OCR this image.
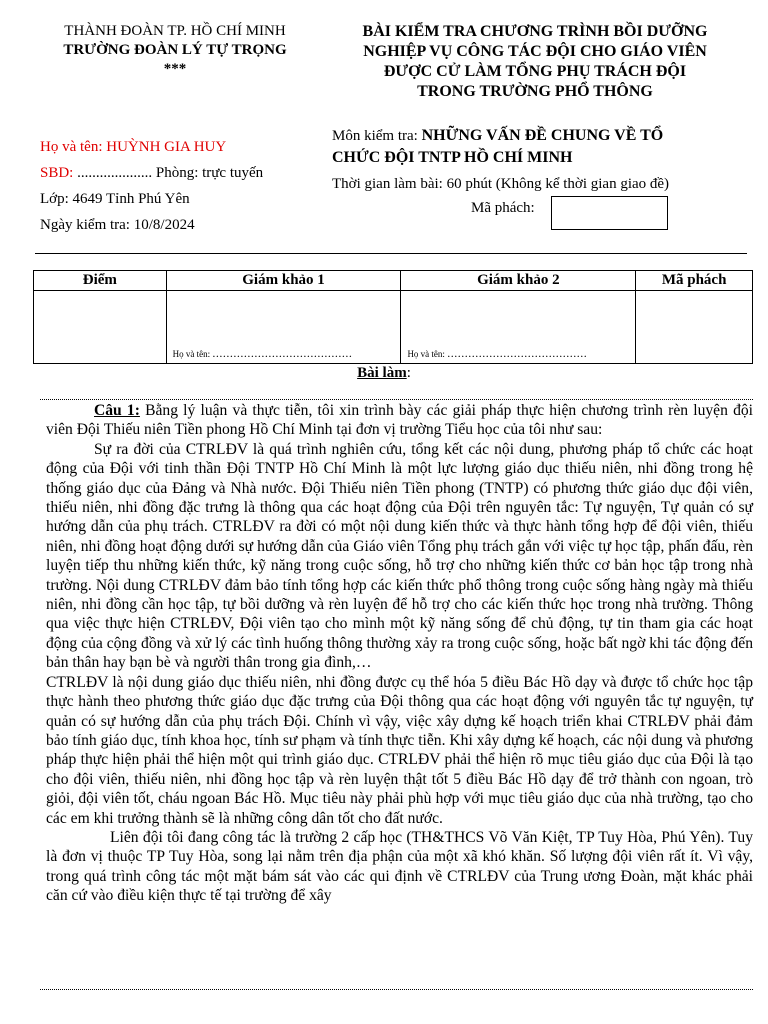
THÀNH ĐOÀN TP. HỒ CHÍ MINH
TRƯỜNG ĐOÀN LÝ TỰ TRỌNG
***
BÀI KIỂM TRA CHƯƠNG TRÌNH BỒI DƯỠNG
NGHIỆP VỤ CÔNG TÁC ĐỘI CHO GIÁO VIÊN
ĐƯỢC CỬ LÀM TỔNG PHỤ TRÁCH ĐỘI
TRONG TRƯỜNG PHỔ THÔNG
Họ và tên: HUỲNH GIA HUY
SBD: .................... Phòng: trực tuyến
Lớp: 4649 Tỉnh Phú Yên
Ngày kiểm tra: 10/8/2024
Môn kiểm tra: NHỮNG VẤN ĐỀ CHUNG VỀ TỔ
CHỨC ĐỘI TNTP HỒ CHÍ MINH
Thời gian làm bài: 60 phút (Không kể thời gian giao đề)
Mã phách:
Điểm	Giám khảo 1	Giám khảo 2	Mã phách

	Họ và tên: ........................................	Họ và tên: ........................................	

Bài làm:

Câu 1: Bằng lý luận và thực tiễn, tôi xin trình bày các giải pháp thực hiện chương trình rèn luyện đội viên Đội Thiếu niên Tiền phong Hồ Chí Minh tại đơn vị trường Tiểu học của tôi như sau:

Sự ra đời của CTRLĐV là quá trình nghiên cứu, tổng kết các nội dung, phương pháp tổ chức các hoạt động của Đội với tinh thần Đội TNTP Hồ Chí Minh là một lực lượng giáo dục thiếu niên, nhi đồng trong hệ thống giáo dục của Đảng và Nhà nước. Đội Thiếu niên Tiền phong (TNTP) có phương thức giáo dục đội viên, thiếu niên, nhi đồng đặc trưng là thông qua các hoạt động của Đội trên nguyên tắc: Tự nguyện, Tự quản có sự hướng dẫn của phụ trách. CTRLĐV ra đời có một nội dung kiến thức và thực hành tổng hợp để đội viên, thiếu niên, nhi đồng hoạt động dưới sự hướng dẫn của Giáo viên Tổng phụ trách gắn với việc tự học tập, phấn đấu, rèn luyện tiếp thu những kiến thức, kỹ năng trong cuộc sống, hỗ trợ cho những kiến thức cơ bản học tập trong nhà trường. Nội dung CTRLĐV đảm bảo tính tổng hợp các kiến thức phổ thông trong cuộc sống hàng ngày mà thiếu niên, nhi đồng cần học tập, tự bồi dưỡng và rèn luyện để hỗ trợ cho các kiến thức học trong nhà trường. Thông qua việc thực hiện CTRLĐV, Đội viên tạo cho mình một kỹ năng sống để chủ động, tự tin tham gia các hoạt động của cộng đồng và xử lý các tình huống thông thường xảy ra trong cuộc sống, hoặc bất ngờ khi tác động đến bản thân hay bạn bè và người thân trong gia đình,…

CTRLĐV là nội dung giáo dục thiếu niên, nhi đồng được cụ thể hóa 5 điều Bác Hồ dạy và được tổ chức học tập thực hành theo phương thức giáo dục đặc trưng của Đội thông qua các hoạt động với nguyên tắc tự nguyện, tự quản có sự hướng dẫn của phụ trách Đội. Chính vì vậy, việc xây dựng kế hoạch triển khai CTRLĐV phải đảm bảo tính giáo dục, tính khoa học, tính sư phạm và tính thực tiễn. Khi xây dựng kế hoạch, các nội dung và phương pháp thực hiện phải thể hiện một qui trình giáo dục. CTRLĐV phải thể hiện rõ mục tiêu giáo dục của Đội là tạo cho đội viên, thiếu niên, nhi đồng học tập và rèn luyện thật tốt 5 điều Bác Hồ dạy để trở thành con ngoan, trò giỏi, đội viên tốt, cháu ngoan Bác Hồ. Mục tiêu này phải phù hợp với mục tiêu giáo dục của nhà trường, tạo cho các em khi trưởng thành sẽ là những công dân tốt cho đất nước.

Liên đội tôi đang công tác là trường 2 cấp học (TH&THCS Võ Văn Kiệt, TP Tuy Hòa, Phú Yên). Tuy là đơn vị thuộc TP Tuy Hòa, song lại nằm trên địa phận của một xã khó khăn. Số lượng đội viên rất ít. Vì vậy, trong quá trình công tác một mặt bám sát vào các qui định về CTRLĐV của Trung ương Đoàn, mặt khác phải căn cứ vào điều kiện thực tế tại trường để xây
